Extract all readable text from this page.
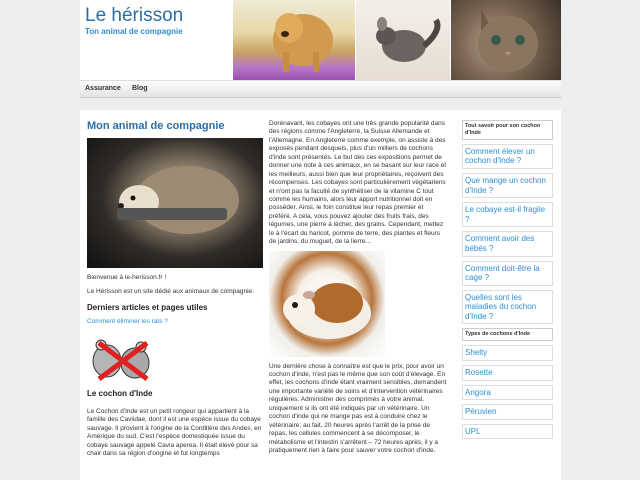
Le hérisson
Ton animal de compagnie
Assurance Blog
Mon animal de compagnie
Bienvenue à le-herisson.fr !
Le Hérisson est un site dédié aux animaux de compagnie.
Derniers articles et pages utiles
Comment éliminer les rats ?
Le cochon d'Inde
Le Cochon d'Inde est un petit rongeur qui appartient à la famille des Caviidae, dont il est une espèce issue du cobaye sauvage. Il provient à l'origine de la Cordillère des Andes, en Amérique du sud. C'est l'espèce domestiquée issue du cobaye sauvage appelé Cavia aperea. Il était élevé pour sa chair dans sa région d'origine et fut longtemps
Dorénavant, les cobayes ont une très grande popularité dans des régions comme l'Angleterre, la Suisse Allemande et l'Allemagne. En Angleterre comme exemple, on assiste à des exposés pendant desquels, plus d'un milliers de cochons d'inde sont présentés. Le but des ces expositions permet de donner une note à ces animaux, en se basant sur leur race et les meilleurs, aussi bien que leur propriétaires, reçoivent des récompenses. Les cobayes sont particulièrement végétariens et n'ont pas la faculté de synthétiser de la vitamine C tout comme les humains, alors leur apport nutritionnel doit en posséder. Ainsi, le foin constitue leur repas premier et préféré. A cela, vous pouvez ajouter des fruits frais, des légumes, une pierre à lécher, des grains. Cependant, mettez le à l'écart du haricot, pomme de terre, des plantes et fleurs de jardins, du muguet, de la lierre...
Une dernière chose à connaître est que le prix, pour avoir un cochon d'inde, n'est pas le même que son coût d'élevage. En effet, les cochons d'inde étant vraiment sensibles, demandent une importante variété de soins et d'intervention vétérinaires régulières. Administrer des comprimés à votre animal, uniquement si ils ont été indiqués par un vétérinaire. Un cochon d'inde qui ne mange pas est à conduire chez le vétérinaire; au fait, 20 heures après l'arrêt de la prise de repas, les cellules commencent à se décomposer, le métabolisme et l'intestin s'arrêtent – 72 heures après, il y a pratiquement rien à faire pour sauver votre cochon d'inde.
Tout savoir pour son cochon d'Inde
Comment élever un cochon d'Inde ?
Que mange un cochon d'Inde ?
Le cobaye est-il fragile ?
Comment avoir des bébés ?
Comment doit-être la cage ?
Quelles sont les maladies du cochon d'Inde ?
Types de cochons d'Inde
Shelty
Rosette
Angora
Péruvien
UPL
